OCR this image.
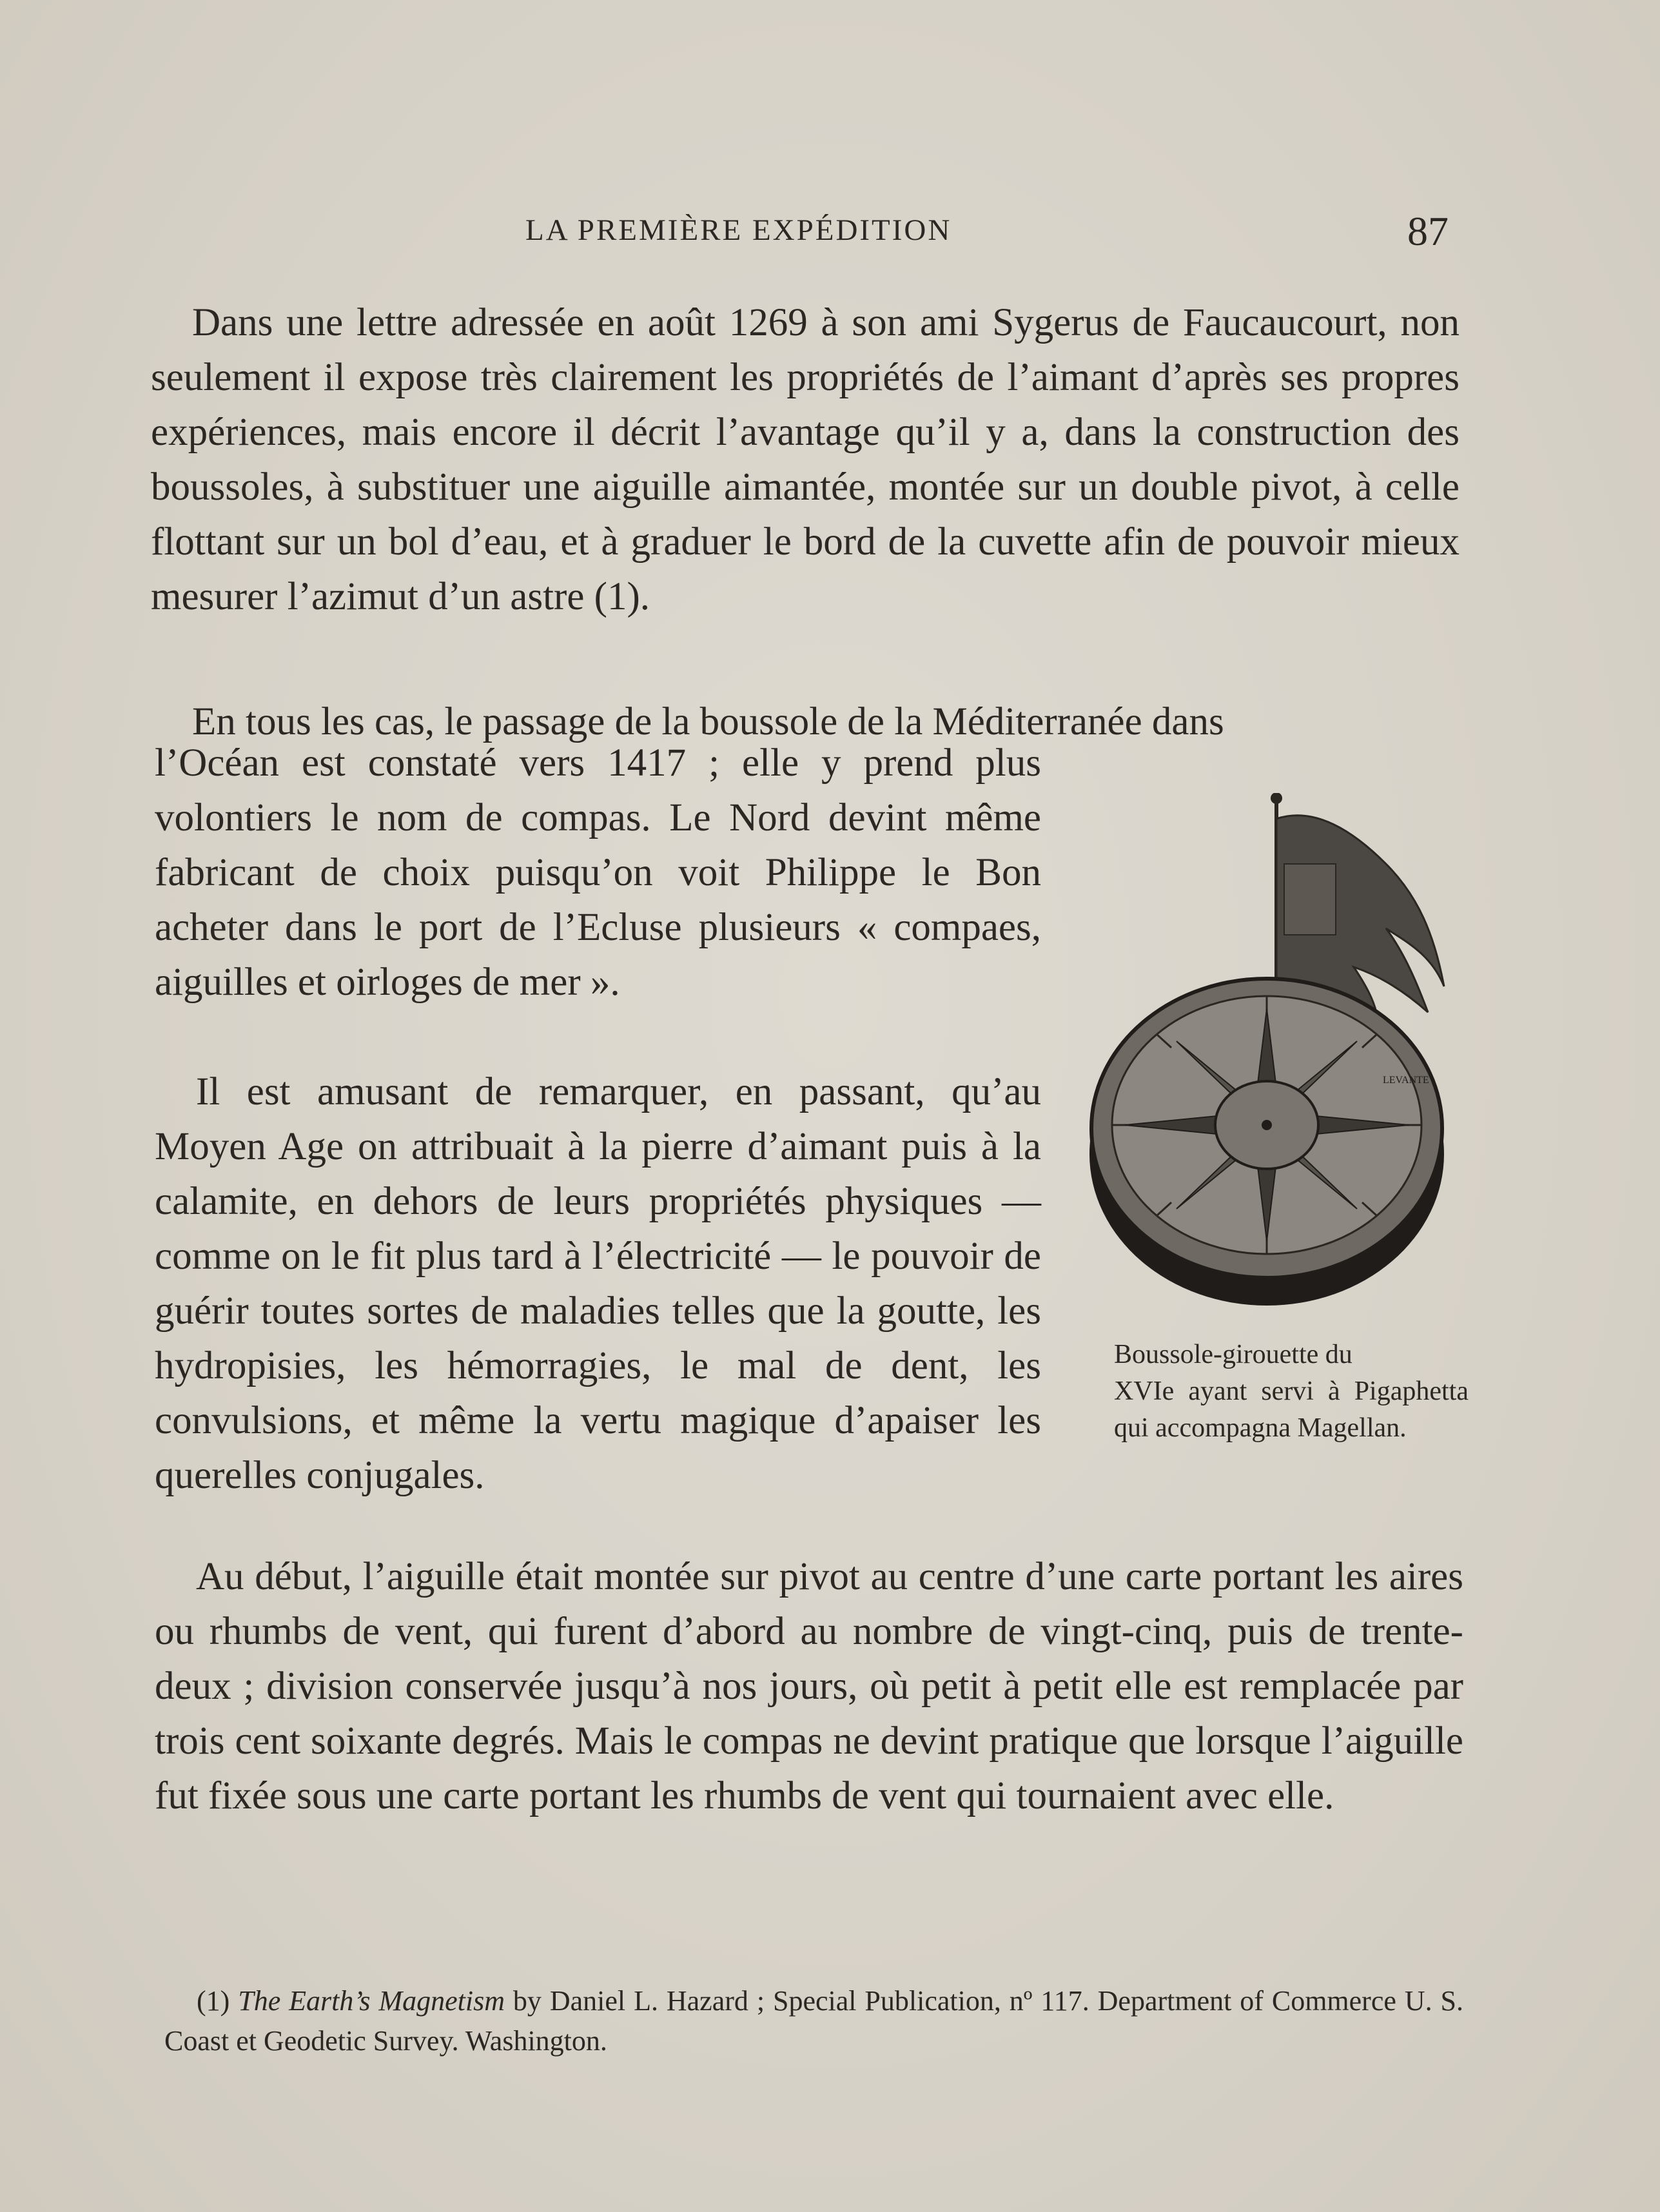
LA PREMIÈRE EXPÉDITION	87
Dans une lettre adressée en août 1269 à son ami Sygerus de Faucaucourt, non seulement il expose très clairement les propriétés de l’aimant d’après ses propres expériences, mais encore il décrit l’avantage qu’il y a, dans la construction des boussoles, à substituer une aiguille aimantée, montée sur un double pivot, à celle flottant sur un bol d’eau, et à graduer le bord de la cuvette afin de pouvoir mieux mesurer l’azimut d’un astre (1).
En tous les cas, le passage de la boussole de la Méditerranée dans
l’Océan est constaté vers 1417 ; elle y prend plus volontiers le nom de compas. Le Nord devint même fabricant de choix puisqu’on voit Philippe le Bon acheter dans le port de l’Ecluse plusieurs « compaes, aiguilles et oirloges de mer ».
Il est amusant de remarquer, en passant, qu’au Moyen Age on attribuait à la pierre d’aimant puis à la calamite, en dehors de leurs propriétés physiques — comme on le fit plus tard à l’électricité — le pouvoir de guérir toutes sortes de maladies telles que la goutte, les hydropisies, les hémorragies, le mal de dent, les convulsions, et même la vertu magique d’apaiser les querelles conjugales.
Au début, l’aiguille était montée sur pivot au centre d’une carte portant les aires ou rhumbs de vent, qui furent d’abord au nombre de vingt-cinq, puis de trente-deux ; division conservée jusqu’à nos jours, où petit à petit elle est remplacée par trois cent soixante degrés. Mais le compas ne devint pratique que lorsque l’aiguille fut fixée sous une carte portant les rhumbs de vent qui tournaient avec elle.
LEVANTE
Boussole-girouette du
XVIe ayant servi à Pigaphetta qui accompagna Magellan.
(1) The Earth’s Magnetism by Daniel L. Hazard ; Special Publication, nº 117. Department of Commerce U. S. Coast et Geodetic Survey. Washington.
